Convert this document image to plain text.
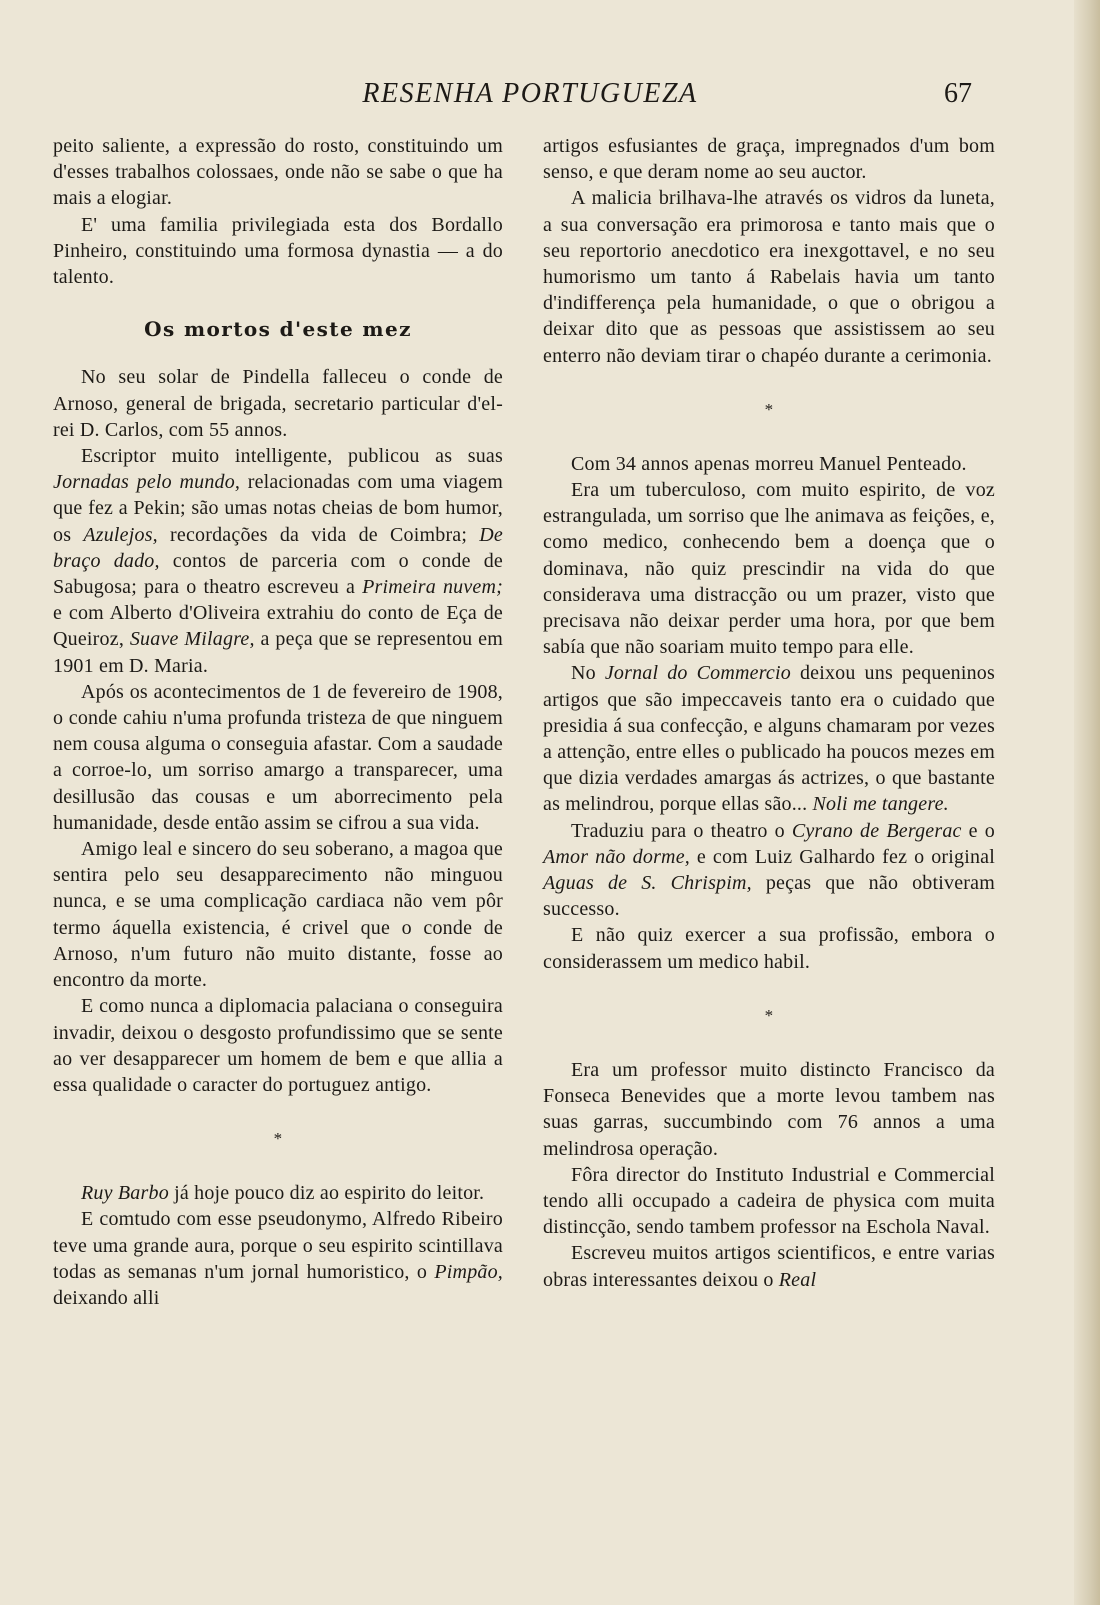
RESENHA PORTUGUEZA	67

peito saliente, a expressão do rosto, constituindo um d'esses trabalhos colossaes, onde não se sabe o que ha mais a elogiar.

E' uma familia privilegiada esta dos Bordallo Pinheiro, constituindo uma formosa dynastia — a do talento.

Os mortos d'este mez

No seu solar de Pindella falleceu o conde de Arnoso, general de brigada, secretario particular d'el-rei D. Carlos, com 55 annos.

Escriptor muito intelligente, publicou as suas Jornadas pelo mundo, relacionadas com uma viagem que fez a Pekin; são umas notas cheias de bom humor, os Azulejos, recordações da vida de Coimbra; De braço dado, contos de parceria com o conde de Sabugosa; para o theatro escreveu a Primeira nuvem; e com Alberto d'Oliveira extrahiu do conto de Eça de Queiroz, Suave Milagre, a peça que se representou em 1901 em D. Maria.

Após os acontecimentos de 1 de fevereiro de 1908, o conde cahiu n'uma profunda tristeza de que ninguem nem cousa alguma o conseguia afastar. Com a saudade a corroe-lo, um sorriso amargo a transparecer, uma desillusão das cousas e um aborrecimento pela humanidade, desde então assim se cifrou a sua vida.

Amigo leal e sincero do seu soberano, a magoa que sentira pelo seu desapparecimento não minguou nunca, e se uma complicação cardiaca não vem pôr termo áquella existencia, é crivel que o conde de Arnoso, n'um futuro não muito distante, fosse ao encontro da morte.

E como nunca a diplomacia palaciana o conseguira invadir, deixou o desgosto profundissimo que se sente ao ver desapparecer um homem de bem e que allia a essa qualidade o caracter do portuguez antigo.

*

Ruy Barbo já hoje pouco diz ao espirito do leitor.

E comtudo com esse pseudonymo, Alfredo Ribeiro teve uma grande aura, porque o seu espirito scintillava todas as semanas n'um jornal humoristico, o Pimpão, deixando alli

artigos esfusiantes de graça, impregnados d'um bom senso, e que deram nome ao seu auctor.

A malicia brilhava-lhe através os vidros da luneta, a sua conversação era primorosa e tanto mais que o seu reportorio anecdotico era inexgottavel, e no seu humorismo um tanto á Rabelais havia um tanto d'indifferença pela humanidade, o que o obrigou a deixar dito que as pessoas que assistissem ao seu enterro não deviam tirar o chapéo durante a cerimonia.

*

Com 34 annos apenas morreu Manuel Penteado.

Era um tuberculoso, com muito espirito, de voz estrangulada, um sorriso que lhe animava as feições, e, como medico, conhecendo bem a doença que o dominava, não quiz prescindir na vida do que considerava uma distracção ou um prazer, visto que precisava não deixar perder uma hora, por que bem sabía que não soariam muito tempo para elle.

No Jornal do Commercio deixou uns pequeninos artigos que são impeccaveis tanto era o cuidado que presidia á sua confecção, e alguns chamaram por vezes a attenção, entre elles o publicado ha poucos mezes em que dizia verdades amargas ás actrizes, o que bastante as melindrou, porque ellas são... Noli me tangere.

Traduziu para o theatro o Cyrano de Bergerac e o Amor não dorme, e com Luiz Galhardo fez o original Aguas de S. Chrispim, peças que não obtiveram successo.

E não quiz exercer a sua profissão, embora o considerassem um medico habil.

*

Era um professor muito distincto Francisco da Fonseca Benevides que a morte levou tambem nas suas garras, succumbindo com 76 annos a uma melindrosa operação.

Fôra director do Instituto Industrial e Commercial tendo alli occupado a cadeira de physica com muita distincção, sendo tambem professor na Eschola Naval.

Escreveu muitos artigos scientificos, e entre varias obras interessantes deixou o Real
